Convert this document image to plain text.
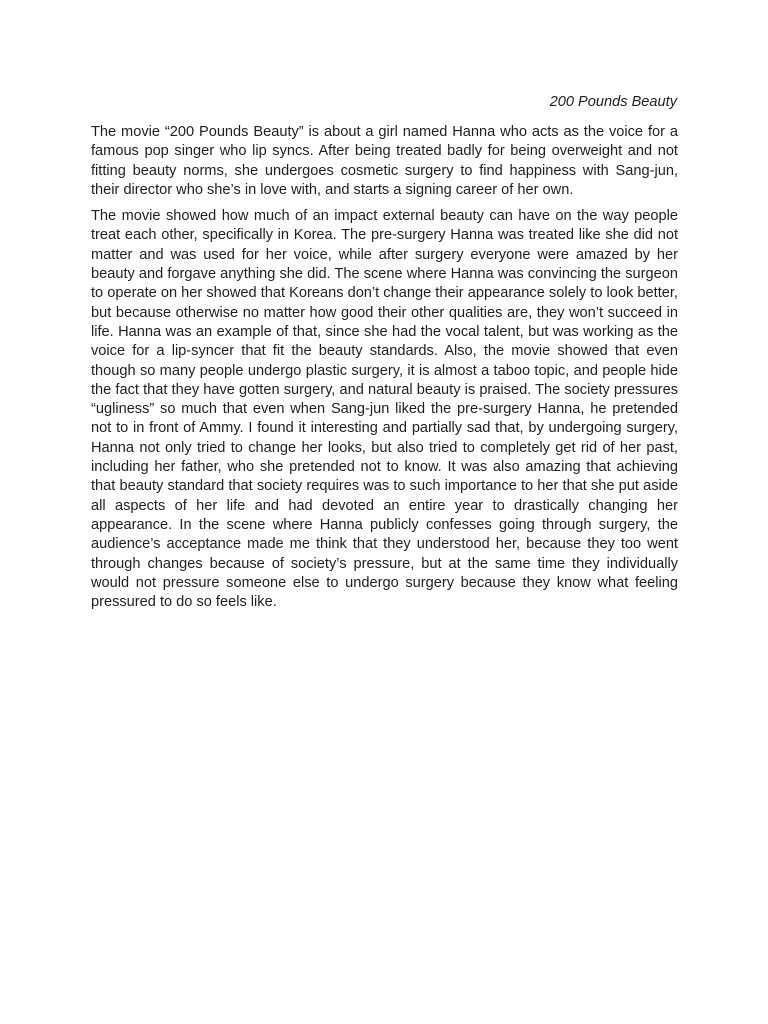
200 Pounds Beauty

The movie “200 Pounds Beauty” is about a girl named Hanna who acts as the voice for a famous pop singer who lip syncs. After being treated badly for being overweight and not fitting beauty norms, she undergoes cosmetic surgery to find happiness with Sang-jun, their director who she’s in love with, and starts a signing career of her own.

The movie showed how much of an impact external beauty can have on the way people treat each other, specifically in Korea. The pre-surgery Hanna was treated like she did not matter and was used for her voice, while after surgery everyone were amazed by her beauty and forgave anything she did. The scene where Hanna was convincing the surgeon to operate on her showed that Koreans don’t change their appearance solely to look better, but because otherwise no matter how good their other qualities are, they won’t succeed in life. Hanna was an example of that, since she had the vocal talent, but was working as the voice for a lip-syncer that fit the beauty standards. Also, the movie showed that even though so many people undergo plastic surgery, it is almost a taboo topic, and people hide the fact that they have gotten surgery, and natural beauty is praised. The society pressures “ugliness” so much that even when Sang-jun liked the pre-surgery Hanna, he pretended not to in front of Ammy. I found it interesting and partially sad that, by undergoing surgery, Hanna not only tried to change her looks, but also tried to completely get rid of her past, including her father, who she pretended not to know. It was also amazing that achieving that beauty standard that society requires was to such importance to her that she put aside all aspects of her life and had devoted an entire year to drastically changing her appearance. In the scene where Hanna publicly confesses going through surgery, the audience’s acceptance made me think that they understood her, because they too went through changes because of society’s pressure, but at the same time they individually would not pressure someone else to undergo surgery because they know what feeling pressured to do so feels like.
